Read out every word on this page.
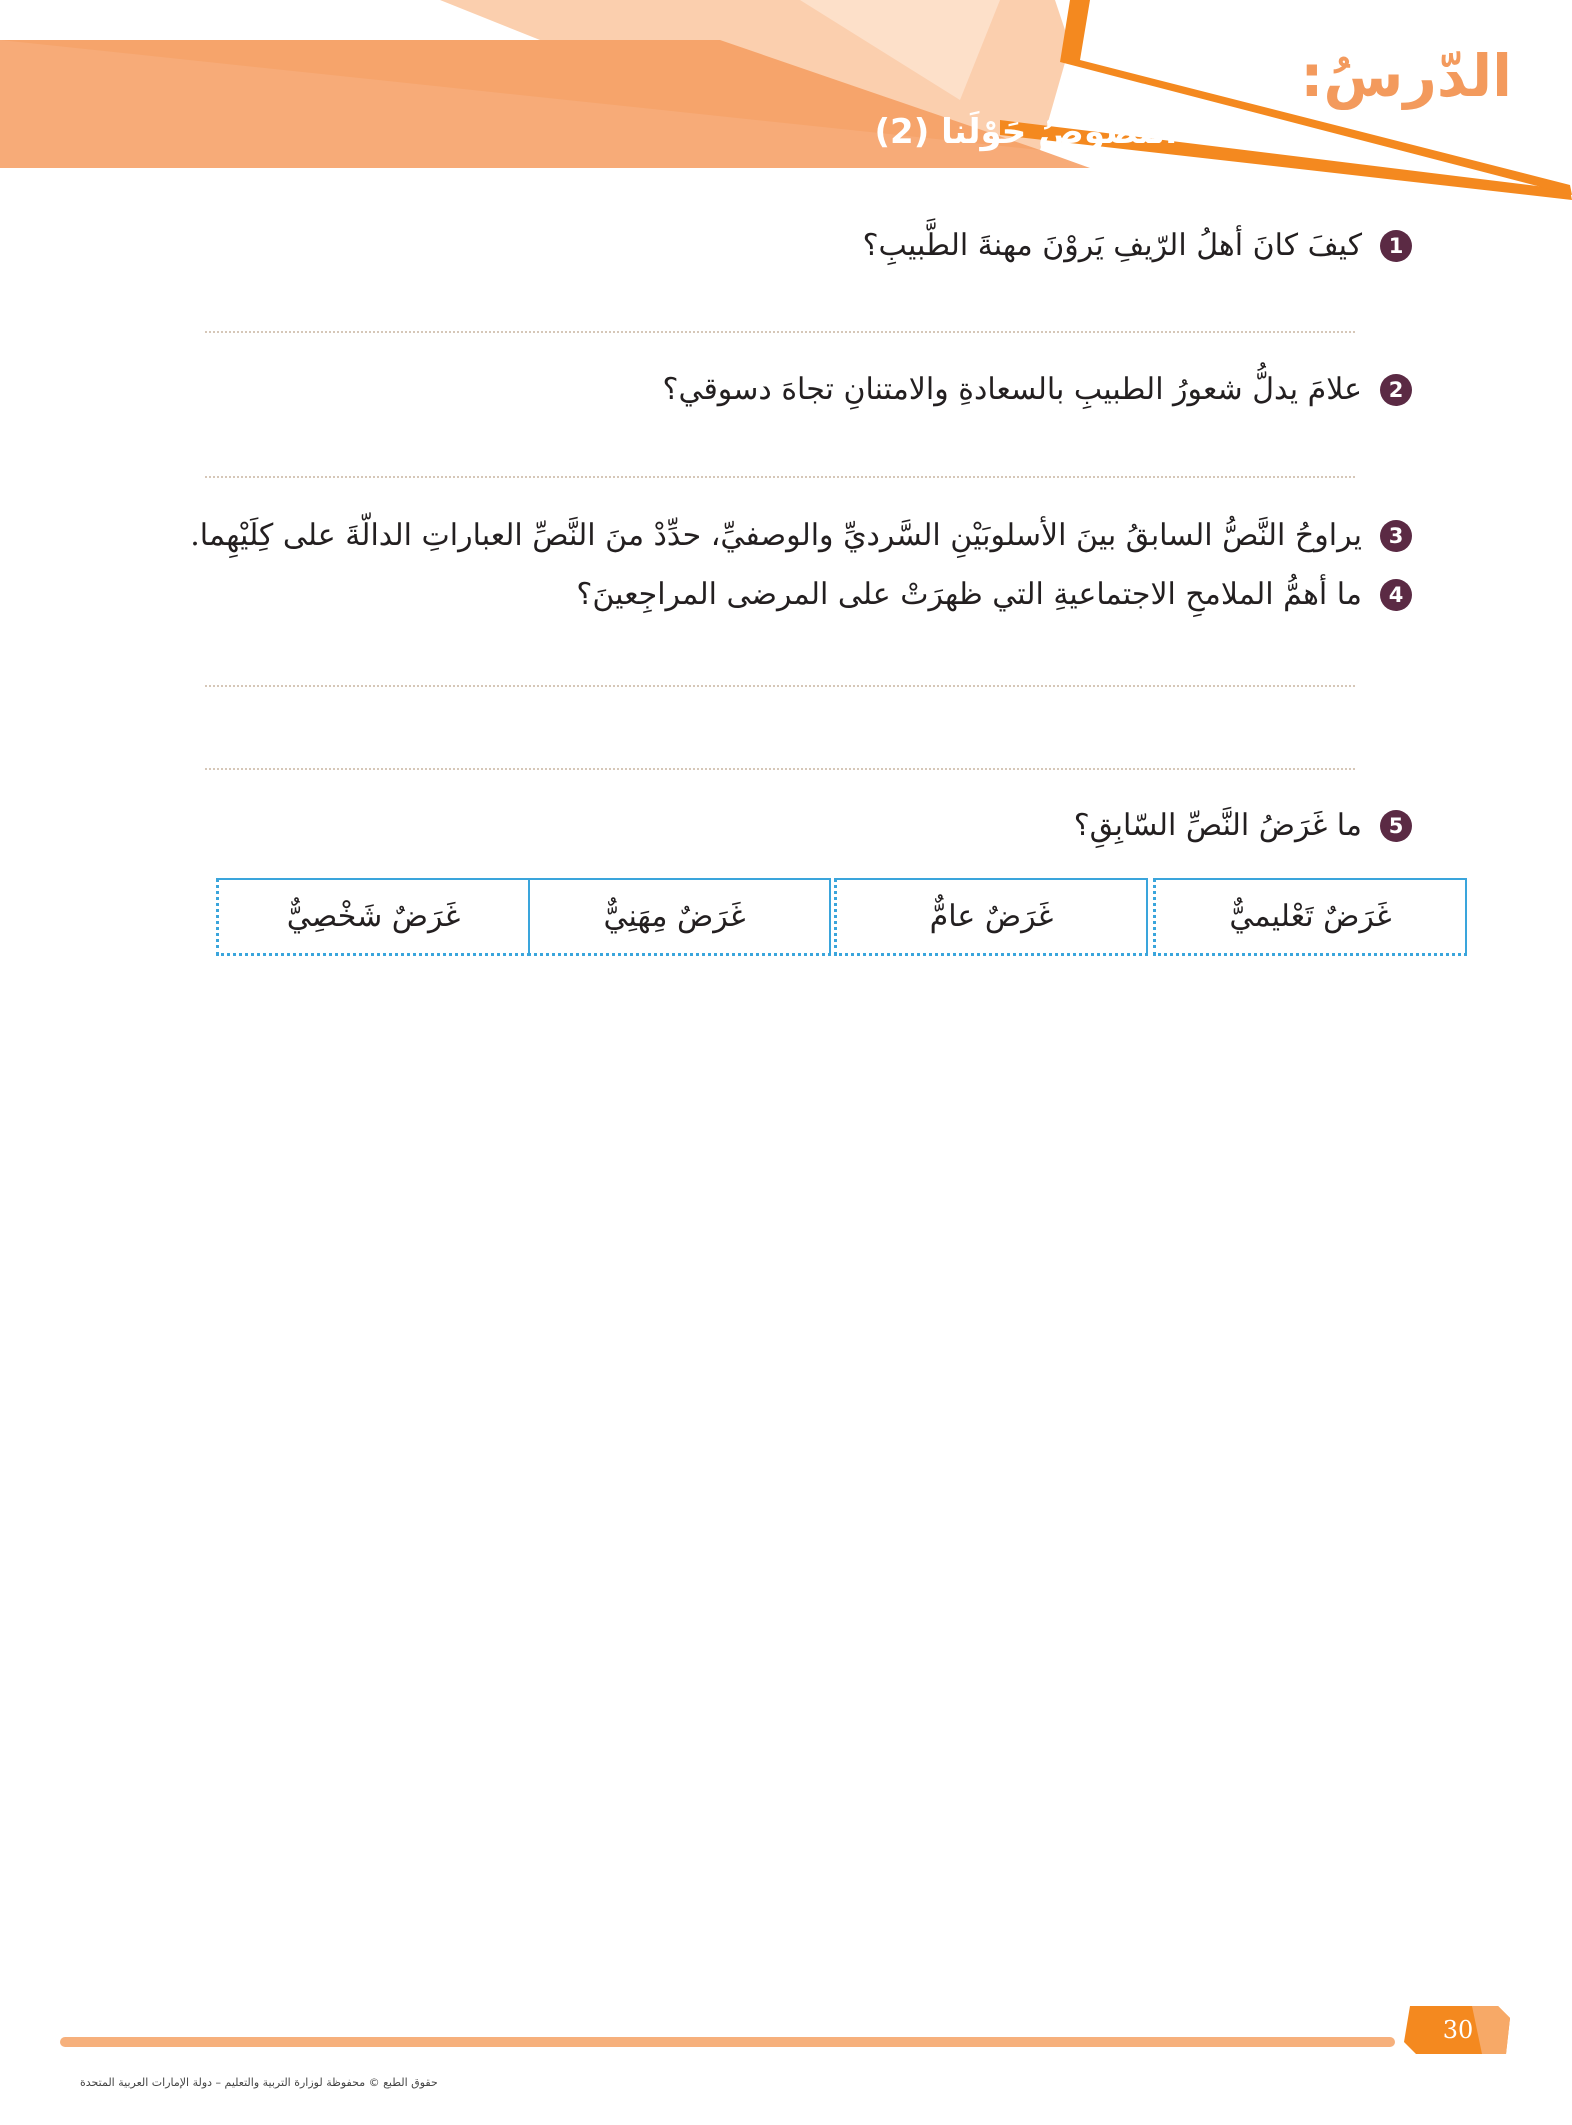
الدّرسُ:
النُّصوصُ حَوْلَنا (2)
1
كيفَ كانَ أهلُ الرّيفِ يَروْنَ مهنةَ الطَّبيبِ؟
2
علامَ يدلُّ شعورُ الطبيبِ بالسعادةِ والامتنانِ تجاهَ دسوقي؟
3
يراوحُ النَّصُّ السابقُ بينَ الأسلوبَيْنِ السَّرديِّ والوصفيِّ، حدِّدْ منَ النَّصِّ العباراتِ الدالّةَ على كِلَيْهِما.
4
ما أهمُّ الملامحِ الاجتماعيةِ التي ظهرَتْ على المرضى المراجِعينَ؟
5
ما غَرَضُ النَّصِّ السّابِقِ؟
غَرَضٌ تَعْليميٌّ
غَرَضٌ عامٌّ
غَرَضٌ مِهَنِيٌّ
غَرَضٌ شَخْصِيٌّ
30
حقوق الطبع © محفوظة لوزارة التربية والتعليم – دولة الإمارات العربية المتحدة
